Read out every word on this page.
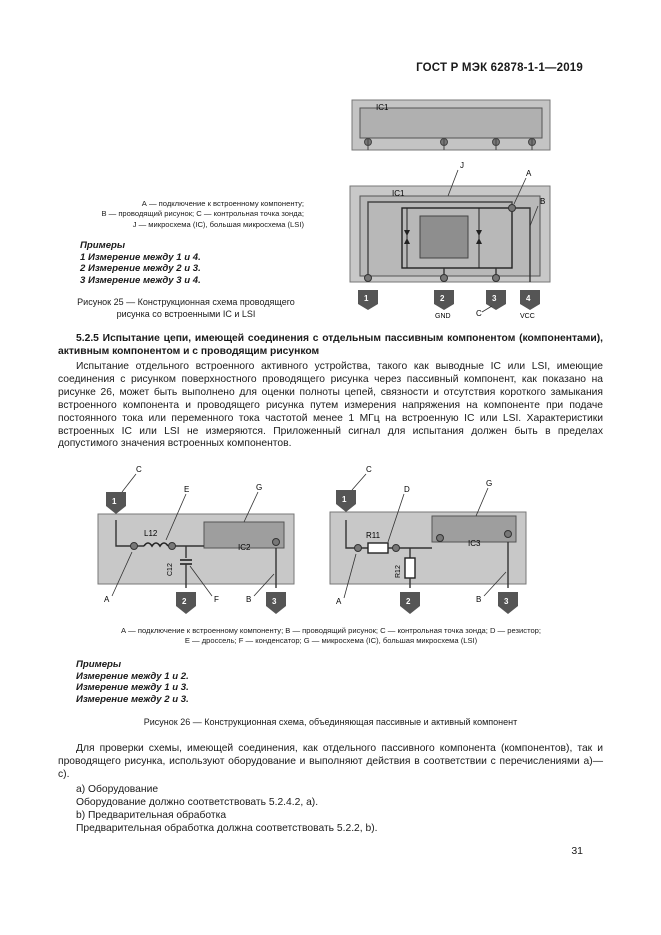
ГОСТ Р МЭК 62878-1-1—2019
IC1
IC1
J
A
B
1	2	3	4
GND	VCC
C
А — подключение к встроенному компоненту;
В — проводящий рисунок; С — контрольная точка зонда;
J — микросхема (IC), большая микросхема (LSI)
Примеры
1 Измерение между 1 и 4.
2 Измерение между 2 и 3.
3 Измерение между 3 и 4.
Рисунок 25 — Конструкционная схема проводящего
рисунка со встроенными IC и LSI
5.2.5 Испытание цепи, имеющей соединения с отдельным пассивным компонентом (компонентами), активным компонентом и с проводящим рисунком
Испытание отдельного встроенного активного устройства, такого как выводные IC или LSI, имеющие соединения с рисунком поверхностного проводящего рисунка через пассивный компонент, как показано на рисунке 26, может быть выполнено для оценки полноты цепей, связности и отсутствия короткого замыкания встроенного компонента и проводящего рисунка путем измерения напряжения на компоненте при подаче постоянного тока или переменного тока частотой менее 1 МГц на встроенную IC или LSI. Характеристики встроенных IC или LSI не измеряются. Приложенный сигнал для испытания должен быть в пределах допустимого значения встроенных компонентов.
IC2
L12
C12
C
E	G
A	F	B
1
2	3
IC3
R11
R12
C
D
G
A	B
1
2	3
А — подключение к встроенному компоненту; В — проводящий рисунок; С — контрольная точка зонда; D — резистор;
Е — дроссель; F — конденсатор; G — микросхема (IC), большая микросхема (LSI)
Примеры
Измерение между 1 и 2.
Измерение между 1 и 3.
Измерение между 2 и 3.
Рисунок 26 — Конструкционная схема, объединяющая пассивные и активный компонент
Для проверки схемы, имеющей соединения, как отдельного пассивного компонента (компонентов), так и проводящего рисунка, используют оборудование и выполняют действия в соответствии с перечислениями а)—с).
a) Оборудование
Оборудование должно соответствовать 5.2.4.2, а).
b) Предварительная обработка
Предварительная обработка должна соответствовать 5.2.2, b).
31
